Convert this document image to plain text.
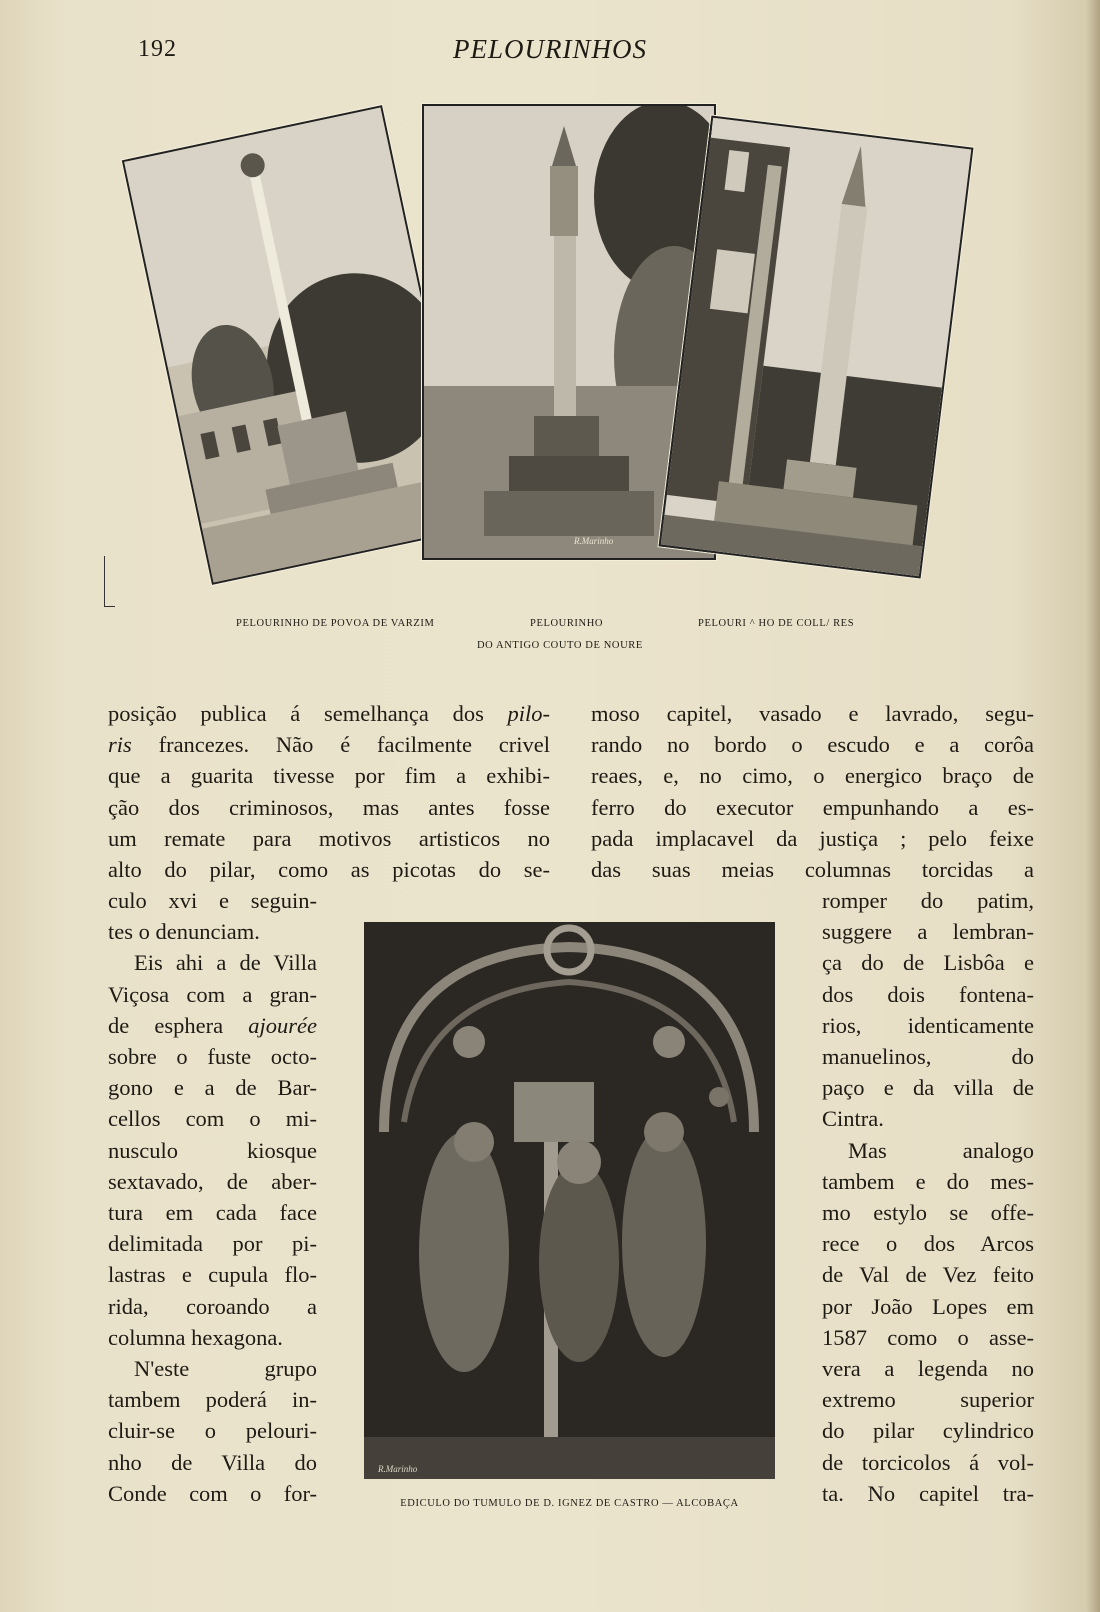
192	PELOURINHOS
R.Marinho
PELOURINHO DE POVOA DE VARZIM	PELOURINHO
DO ANTIGO COUTO DE NOURE
PELOURI ^ HO DE COLL/ RES
posição publica á semelhança dos pilo-
ris francezes. Não é facilmente crivel
que a guarita tivesse por fim a exhibi-
ção dos criminosos, mas antes fosse
um remate para motivos artisticos no
alto do pilar, como as picotas do se-
culo xvi e seguin-
tes o denunciam.
Eis ahi a de Villa
Viçosa com a gran-
de esphera ajourée
sobre o fuste octo-
gono e a de Bar-
cellos com o mi-
nusculo kiosque
sextavado, de aber-
tura em cada face
delimitada por pi-
lastras e cupula flo-
rida, coroando a
columna hexagona.
N'este grupo
tambem poderá in-
cluir-se o pelouri-
nho de Villa do
Conde com o for-
moso capitel, vasado e lavrado, segu-
rando no bordo o escudo e a corôa
reaes, e, no cimo, o energico braço de
ferro do executor empunhando a es-
pada implacavel da justiça ; pelo feixe
das suas meias columnas torcidas a
romper do patim,
suggere a lembran-
ça do de Lisbôa e
dos dois fontena-
rios, identicamente
manuelinos, do
paço e da villa de
Cintra.
Mas analogo
tambem e do mes-
mo estylo se offe-
rece o dos Arcos
de Val de Vez feito
por João Lopes em
1587 como o asse-
vera a legenda no
extremo superior
do pilar cylindrico
de torcicolos á vol-
ta. No capitel tra-
R.Marinho
EDICULO DO TUMULO DE D. IGNEZ DE CASTRO — ALCOBAÇA
